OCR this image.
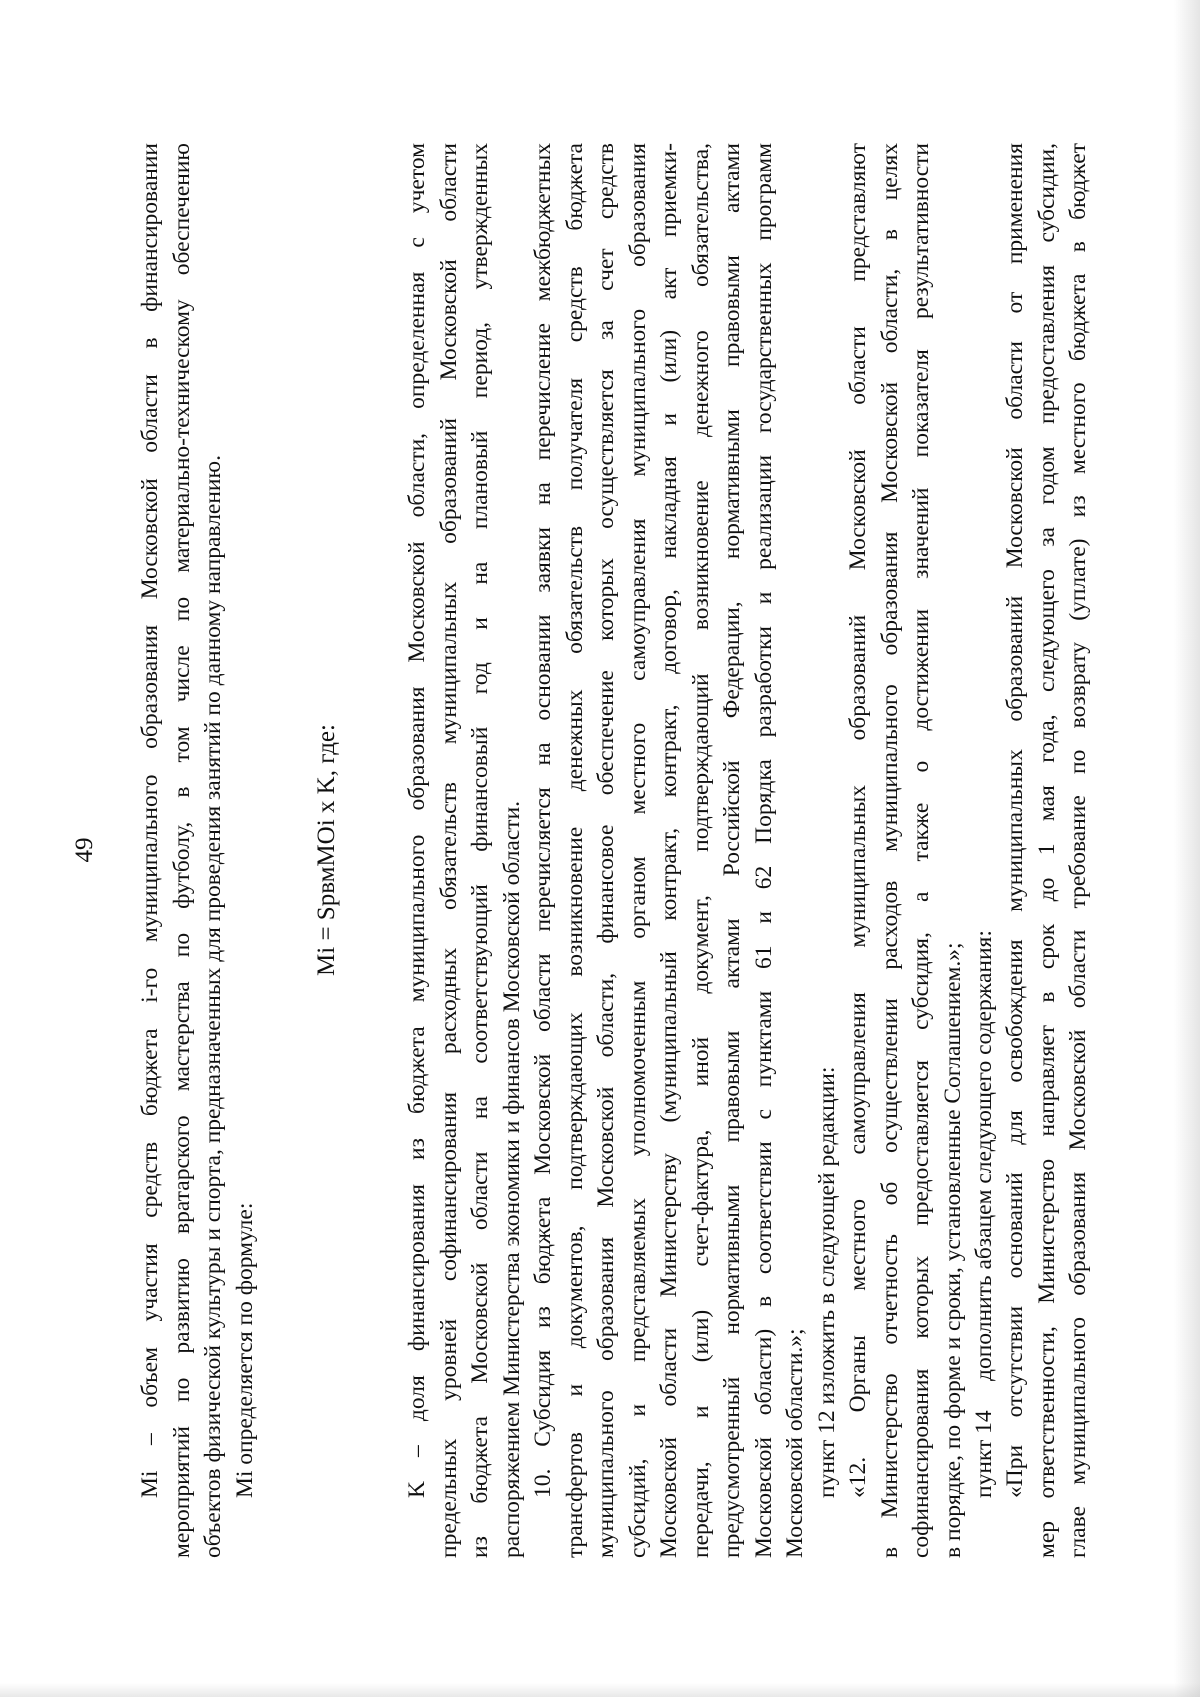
49 Mi – объем участия средств бюджета i-го муниципального образования Московской области в финансировании мероприятий по развитию вратарского мастерства по футболу, в том числе по материально-техническому обеспечению объектов физической культуры и спорта, предназначенных для проведения занятий по данному направлению. Mi определяется по формуле:
Mi = SpвмМОi x K, где:	K – доля финансирования из бюджета муниципального образования Московской области, определенная с учетом предельных уровней софинансирования расходных обязательств муниципальных образований Московской области из бюджета Московской области на соответствующий финансовый год и на плановый период, утвержденных распоряжением Министерства экономики и финансов Московской области. 10. Субсидия из бюджета Московской области перечисляется на основании заявки на перечисление межбюджетных трансфертов и документов, подтверждающих возникновение денежных обязательств получателя средств бюджета муниципального образования Московской области, финансовое обеспечение которых осуществляется за счет средств субсидий, и представляемых уполномоченным органом местного самоуправления муниципального образования Московской области Министерству (муниципальный контракт, контракт, договор, накладная и (или) акт приемки- передачи, и (или) счет-фактура, иной документ, подтверждающий возникновение денежного обязательства, предусмотренный нормативными правовыми актами Российской Федерации, нормативными правовыми актами Московской области) в соответствии с пунктами 61 и 62 Порядка разработки и реализации государственных программ Московской области.»; пункт 12 изложить в следующей редакции: «12. Органы местного самоуправления муниципальных образований Московской области представляют в Министерство отчетность об осуществлении расходов муниципального образования Московской области, в целях софинансирования которых предоставляется субсидия, а также о достижении значений показателя результативности в порядке, по форме и сроки, установленные Соглашением.»; пункт 14     дополнить абзацем следующего содержания: «При отсутствии оснований для освобождения муниципальных образований Московской области от применения мер ответственности, Министерство направляет в срок до 1 мая года, следующего за годом предоставления субсидии, главе муниципального образования Московской области требование по возврату (уплате) из местного бюджета в бюджет
